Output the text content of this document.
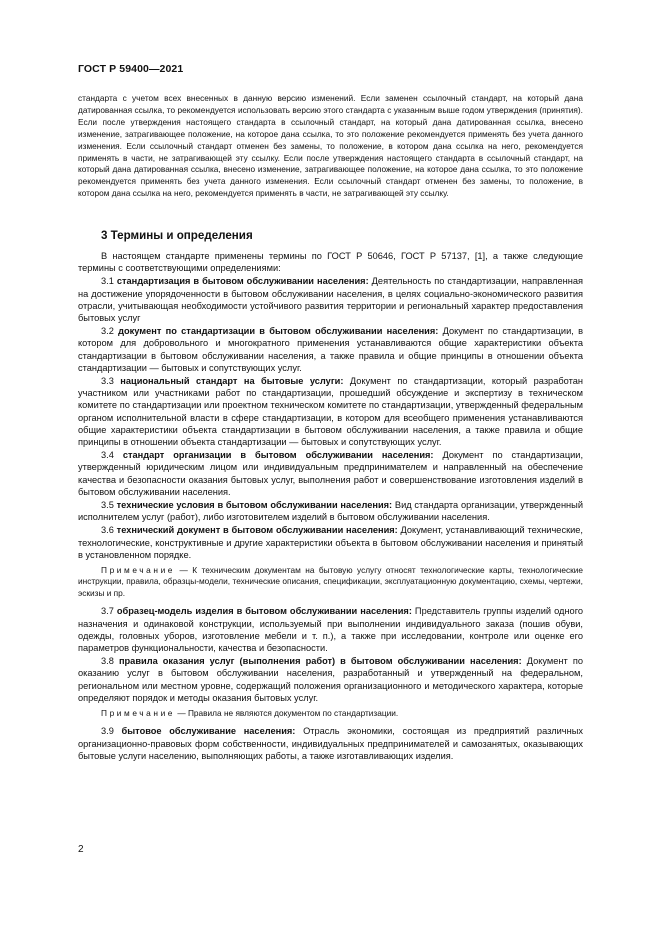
ГОСТ Р 59400—2021
стандарта с учетом всех внесенных в данную версию изменений. Если заменен ссылочный стандарт, на который дана датированная ссылка, то рекомендуется использовать версию этого стандарта с указанным выше годом утверждения (принятия). Если после утверждения настоящего стандарта в ссылочный стандарт, на который дана датированная ссылка, внесено изменение, затрагивающее положение, на которое дана ссылка, то это положение рекомендуется применять без учета данного изменения. Если ссылочный стандарт отменен без замены, то положение, в котором дана ссылка на него, рекомендуется применять в части, не затрагивающей эту ссылку. Если после утверждения настоящего стандарта в ссылочный стандарт, на который дана датированная ссылка, внесено изменение, затрагивающее положение, на которое дана ссылка, то это положение рекомендуется применять без учета данного изменения. Если ссылочный стандарт отменен без замены, то положение, в котором дана ссылка на него, рекомендуется применять в части, не затрагивающей эту ссылку.
3 Термины и определения

В настоящем стандарте применены термины по ГОСТ Р 50646, ГОСТ Р 57137, [1], а также следующие термины с соответствующими определениями:

3.1 стандартизация в бытовом обслуживании населения: Деятельность по стандартизации, направленная на достижение упорядоченности в бытовом обслуживании населения, в целях социально-экономического развития отрасли, учитывающая необходимости устойчивого развития территории и региональный характер предоставления бытовых услуг

3.2 документ по стандартизации в бытовом обслуживании населения: Документ по стандартизации, в котором для добровольного и многократного применения устанавливаются общие характеристики объекта стандартизации в бытовом обслуживании населения, а также правила и общие принципы в отношении объекта стандартизации — бытовых и сопутствующих услуг.

3.3 национальный стандарт на бытовые услуги: Документ по стандартизации, который разработан участником или участниками работ по стандартизации, прошедший обсуждение и экспертизу в техническом комитете по стандартизации или проектном техническом комитете по стандартизации, утвержденный федеральным органом исполнительной власти в сфере стандартизации, в котором для всеобщего применения устанавливаются общие характеристики объекта стандартизации в бытовом обслуживании населения, а также правила и общие принципы в отношении объекта стандартизации — бытовых и сопутствующих услуг.

3.4 стандарт организации в бытовом обслуживании населения: Документ по стандартизации, утвержденный юридическим лицом или индивидуальным предпринимателем и направленный на обеспечение качества и безопасности оказания бытовых услуг, выполнения работ и совершенствование изготовления изделий в бытовом обслуживании населения.

3.5 технические условия в бытовом обслуживании населения: Вид стандарта организации, утвержденный исполнителем услуг (работ), либо изготовителем изделий в бытовом обслуживании населения.

3.6 технический документ в бытовом обслуживании населения: Документ, устанавливающий технические, технологические, конструктивные и другие характеристики объекта в бытовом обслуживании населения и принятый в установленном порядке.

Примечание — К техническим документам на бытовую услугу относят технологические карты, технологические инструкции, правила, образцы-модели, технические описания, спецификации, эксплуатационную документацию, схемы, чертежи, эскизы и пр.

3.7 образец-модель изделия в бытовом обслуживании населения: Представитель группы изделий одного назначения и одинаковой конструкции, используемый при выполнении индивидуального заказа (пошив обуви, одежды, головных уборов, изготовление мебели и т. п.), а также при исследовании, контроле или оценке его параметров функциональности, качества и безопасности.

3.8 правила оказания услуг (выполнения работ) в бытовом обслуживании населения: Документ по оказанию услуг в бытовом обслуживании населения, разработанный и утвержденный на федеральном, региональном или местном уровне, содержащий положения организационного и методического характера, которые определяют порядок и методы оказания бытовых услуг.

Примечание — Правила не являются документом по стандартизации.

3.9 бытовое обслуживание населения: Отрасль экономики, состоящая из предприятий различных организационно-правовых форм собственности, индивидуальных предпринимателей и самозанятых, оказывающих бытовые услуги населению, выполняющих работы, а также изготавливающих изделия.

2
